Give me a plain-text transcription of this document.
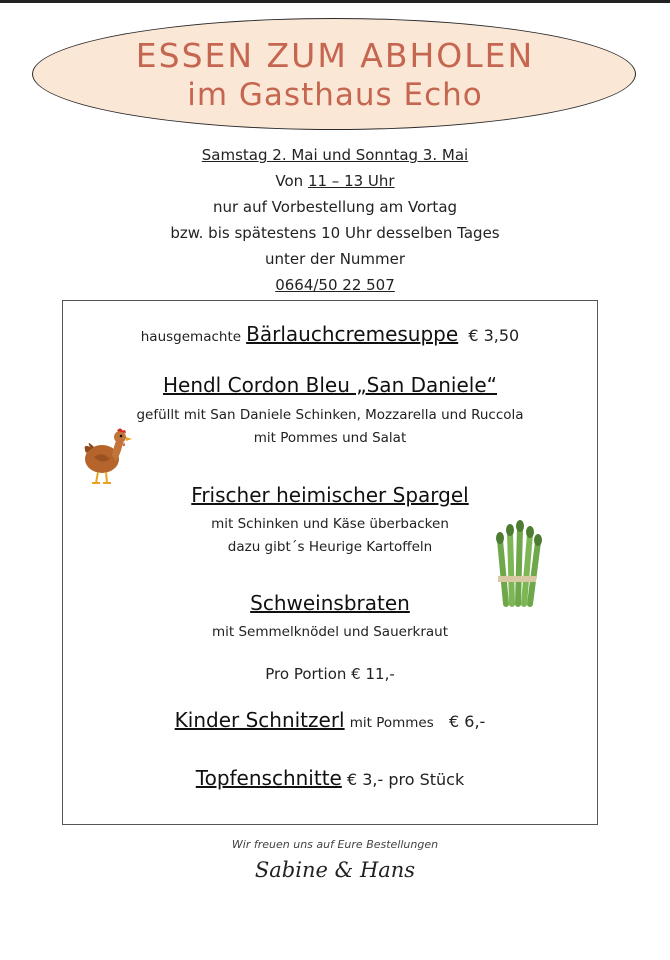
ESSEN ZUM ABHOLEN
im Gasthaus Echo
Samstag 2. Mai und Sonntag 3. Mai
Von 11 – 13 Uhr
nur auf Vorbestellung am Vortag
bzw. bis spätestens 10 Uhr desselben Tages
unter der Nummer
0664/50 22 507
hausgemachte Bärlauchcremesuppe € 3,50
Hendl Cordon Bleu „San Daniele“
gefüllt mit San Daniele Schinken, Mozzarella und Ruccola
mit Pommes und Salat
Frischer heimischer Spargel
mit Schinken und Käse überbacken
dazu gibt´s Heurige Kartoffeln
Schweinsbraten
mit Semmelknödel und Sauerkraut
Pro Portion € 11,-
Kinder Schnitzerl mit Pommes € 6,-
Topfenschnitte € 3,- pro Stück
Wir freuen uns auf Eure Bestellungen
Sabine & Hans
